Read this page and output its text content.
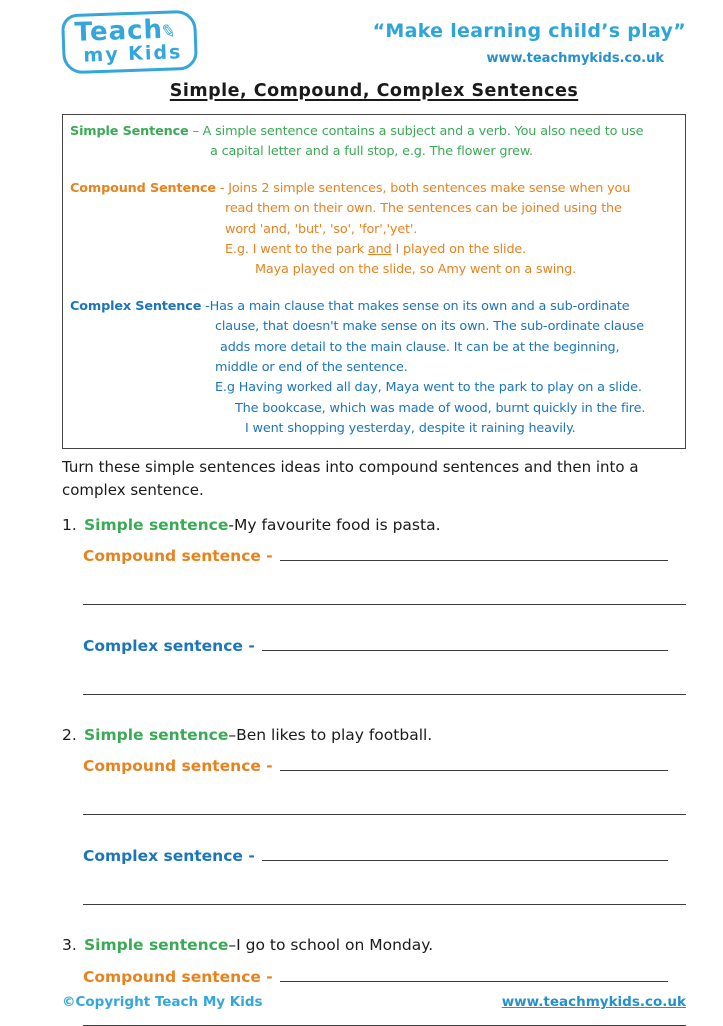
Teach✎
my Kids
“Make learning child’s play”
www.teachmykids.co.uk
Simple, Compound, Complex Sentences
Simple Sentence – A simple sentence contains a subject and a verb. You also need to use
a capital letter and a full stop, e.g. The flower grew.
Compound Sentence - Joins 2 simple sentences, both sentences make sense when you
read them on their own. The sentences can be joined using the
word 'and, 'but', 'so', 'for','yet'.
E.g. I went to the park and I played on the slide.
Maya played on the slide, so Amy went on a swing.
Complex Sentence -Has a main clause that makes sense on its own and a sub-ordinate
clause, that doesn't make sense on its own. The sub-ordinate clause
adds more detail to the main clause. It can be at the beginning,
middle or end of the sentence.
E.g Having worked all day, Maya went to the park to play on a slide.
The bookcase, which was made of wood, burnt quickly in the fire.
I went shopping yesterday, despite it raining heavily.
Turn these simple sentences ideas into compound sentences and then into a complex sentence.
1. Simple sentence - My favourite food is pasta.
Compound sentence -
Complex sentence -
2. Simple sentence – Ben likes to play football.
Compound sentence -
Complex sentence -
3. Simple sentence – I go to school on Monday.
Compound sentence -
©Copyright Teach My Kids	www.teachmykids.co.uk
